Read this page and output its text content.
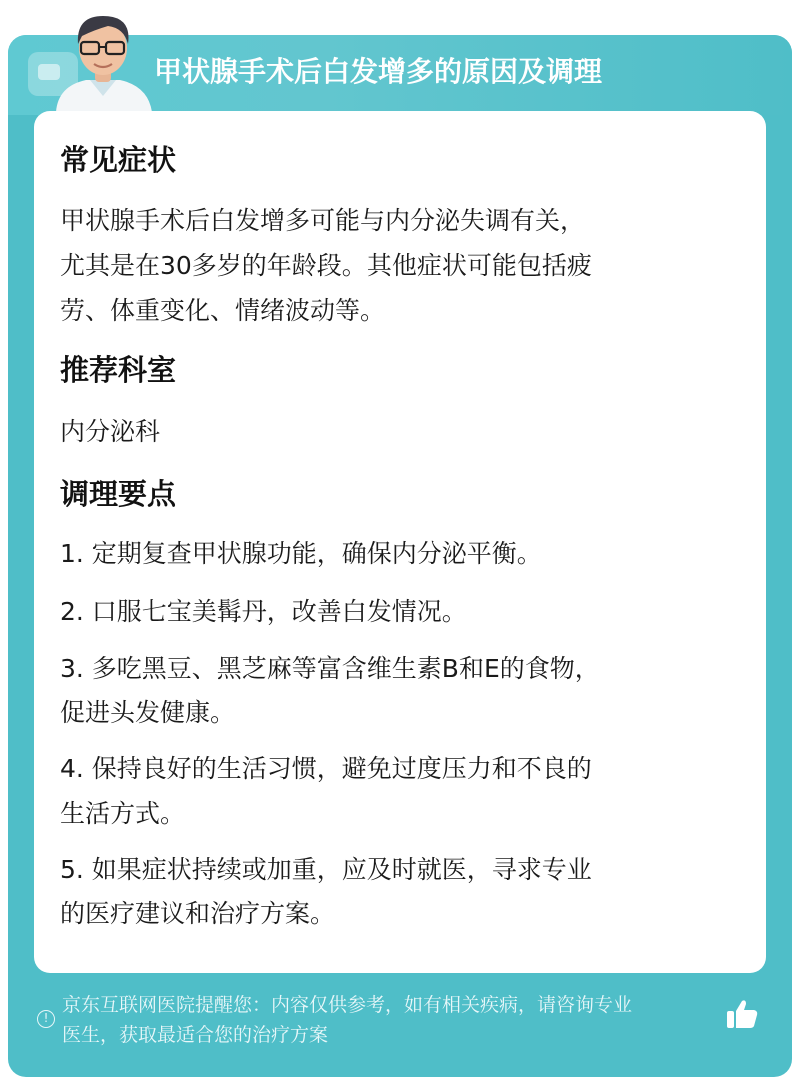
甲状腺手术后白发增多的原因及调理
常见症状
甲状腺手术后白发增多可能与内分泌失调有关，
尤其是在30多岁的年龄段。其他症状可能包括疲
劳、体重变化、情绪波动等。
推荐科室
内分泌科
调理要点
1. 定期复查甲状腺功能，确保内分泌平衡。
2. 口服七宝美髯丹，改善白发情况。
3. 多吃黑豆、黑芝麻等富含维生素B和E的食物，
促进头发健康。
4. 保持良好的生活习惯，避免过度压力和不良的
生活方式。
5. 如果症状持续或加重，应及时就医，寻求专业
的医疗建议和治疗方案。
!
京东互联网医院提醒您：内容仅供参考，如有相关疾病，请咨询专业
医生，获取最适合您的治疗方案
